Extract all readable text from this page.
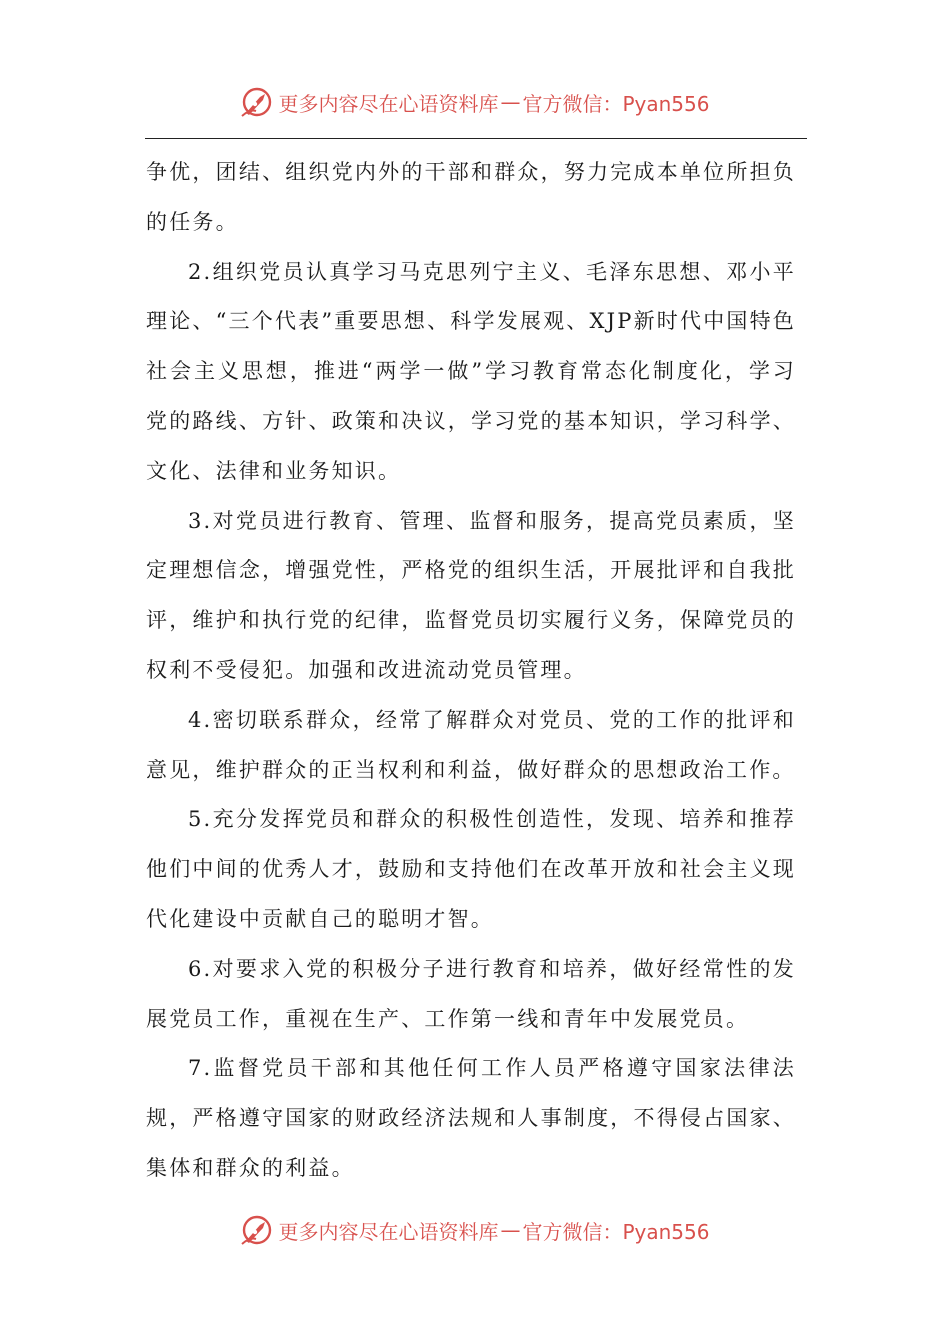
更多内容尽在心语资料库 — 官方微信：Pyan556

争优，团结、组织党内外的干部和群众，努力完成本单位所担负的任务。

2.组织党员认真学习马克思列宁主义、毛泽东思想、邓小平理论、“三个代表”重要思想、科学发展观、XJP新时代中国特色社会主义思想，推进“两学一做”学习教育常态化制度化，学习党的路线、方针、政策和决议，学习党的基本知识，学习科学、文化、法律和业务知识。

3.对党员进行教育、管理、监督和服务，提高党员素质，坚定理想信念，增强党性，严格党的组织生活，开展批评和自我批评，维护和执行党的纪律，监督党员切实履行义务，保障党员的权利不受侵犯。加强和改进流动党员管理。

4.密切联系群众，经常了解群众对党员、党的工作的批评和意见，维护群众的正当权利和利益，做好群众的思想政治工作。

5.充分发挥党员和群众的积极性创造性，发现、培养和推荐他们中间的优秀人才，鼓励和支持他们在改革开放和社会主义现代化建设中贡献自己的聪明才智。

6.对要求入党的积极分子进行教育和培养，做好经常性的发展党员工作，重视在生产、工作第一线和青年中发展党员。

7.监督党员干部和其他任何工作人员严格遵守国家法律法规，严格遵守国家的财政经济法规和人事制度，不得侵占国家、集体和群众的利益。

更多内容尽在心语资料库 — 官方微信：Pyan556
